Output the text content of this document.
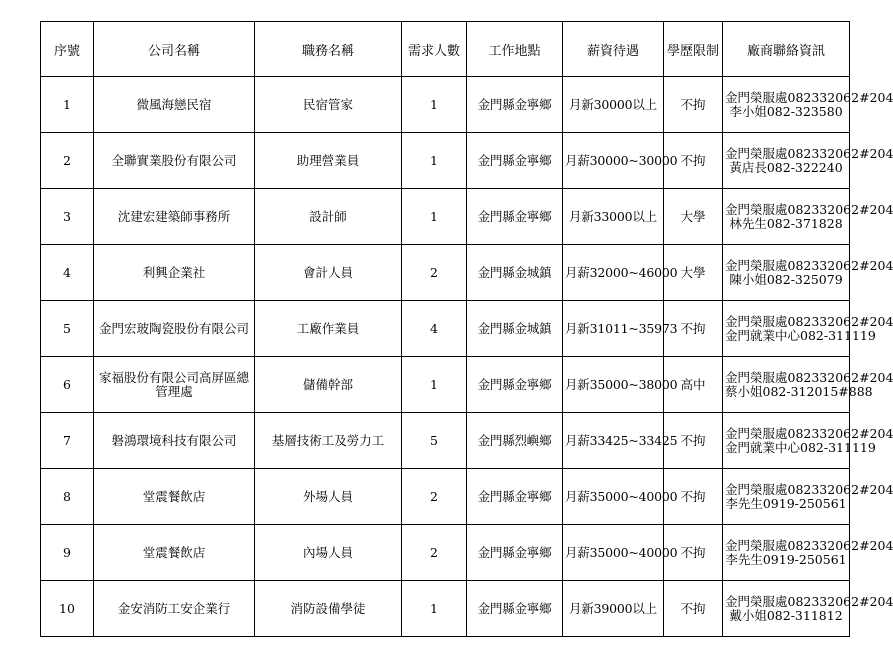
序號	公司名稱	職務名稱	需求人數	工作地點	薪資待遇	學歷限制	廠商聯絡資訊
1	微風海戀民宿	民宿管家	1	金門縣金寧鄉	月新30000以上	不拘	金門榮服處082332062#204
李小姐082-323580

2	全聯實業股份有限公司	助理營業員	1	金門縣金寧鄉	月薪30000~30000	不拘	金門榮服處082332062#204
黃店長082-322240

3	沈建宏建築師事務所	設計師	1	金門縣金寧鄉	月新33000以上	大學	金門榮服處082332062#204
林先生082-371828

4	利興企業社	會計人員	2	金門縣金城鎮	月薪32000~46000	大學	金門榮服處082332062#204
陳小姐082-325079

5	金門宏玻陶瓷股份有限公司	工廠作業員	4	金門縣金城鎮	月新31011~35973	不拘	金門榮服處082332062#204
金門就業中心082-311119

6	家福股份有限公司高屏區總管理處	儲備幹部	1	金門縣金寧鄉	月新35000~38000	高中	金門榮服處082332062#204
蔡小姐082-312015#888

7	磐鴻環境科技有限公司	基層技術工及勞力工	5	金門縣烈嶼鄉	月薪33425~33425	不拘	金門榮服處082332062#204
金門就業中心082-311119

8	堂震餐飲店	外場人員	2	金門縣金寧鄉	月薪35000~40000	不拘	金門榮服處082332062#204
李先生0919-250561

9	堂震餐飲店	內場人員	2	金門縣金寧鄉	月薪35000~40000	不拘	金門榮服處082332062#204
李先生0919-250561

10	金安消防工安企業行	消防設備學徒	1	金門縣金寧鄉	月新39000以上	不拘	金門榮服處082332062#204
戴小姐082-311812
